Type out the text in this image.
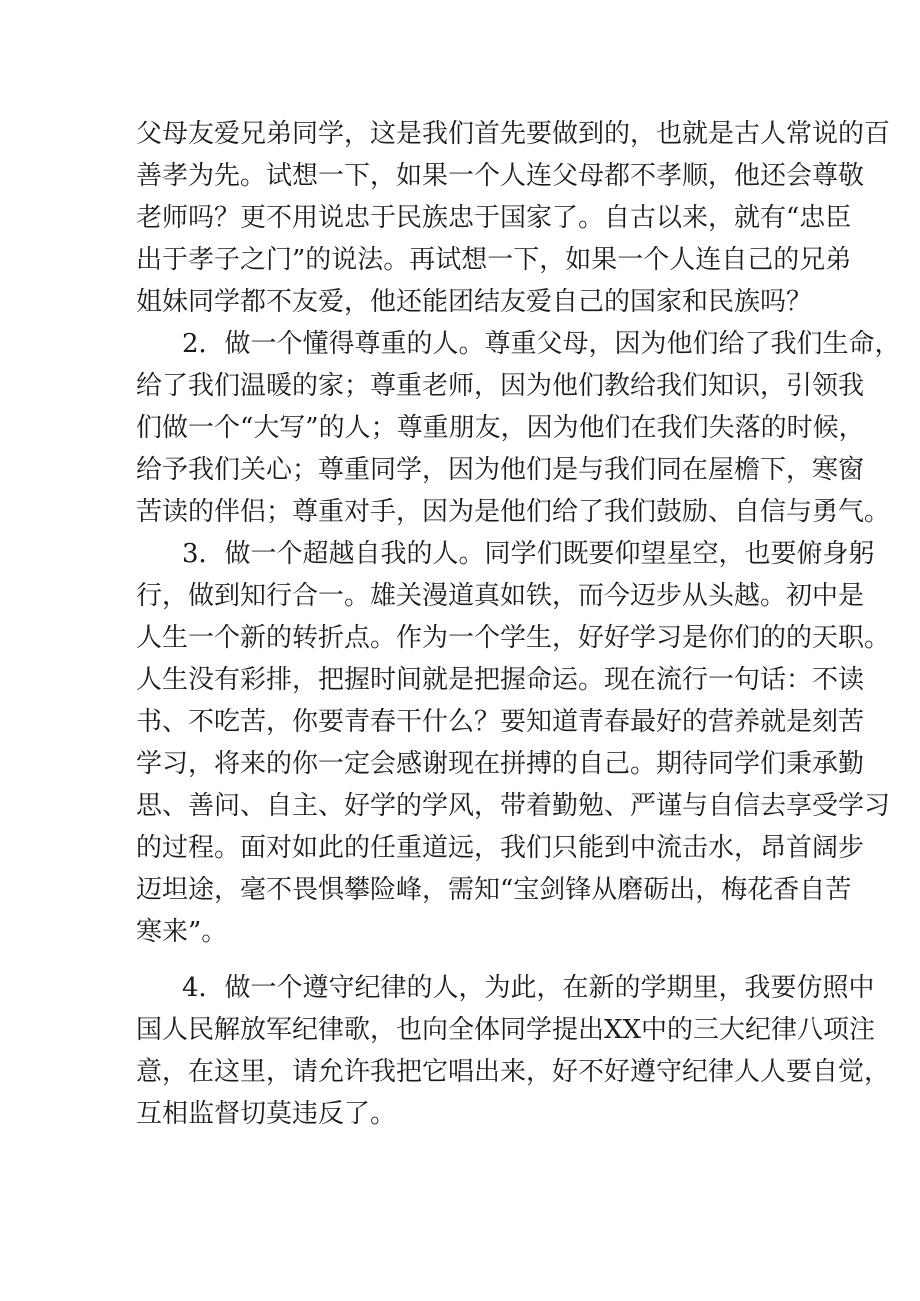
父母友爱兄弟同学，这是我们首先要做到的，也就是古人常说的百
善孝为先。试想一下，如果一个人连父母都不孝顺，他还会尊敬
老师吗？更不用说忠于民族忠于国家了。自古以来，就有“忠臣
出于孝子之门”的说法。再试想一下，如果一个人连自己的兄弟
姐妹同学都不友爱，他还能团结友爱自己的国家和民族吗？
2．做一个懂得尊重的人。尊重父母，因为他们给了我们生命，
给了我们温暖的家；尊重老师，因为他们教给我们知识，引领我
们做一个“大写”的人；尊重朋友，因为他们在我们失落的时候，
给予我们关心；尊重同学，因为他们是与我们同在屋檐下，寒窗
苦读的伴侣；尊重对手，因为是他们给了我们鼓励、自信与勇气。
3．做一个超越自我的人。同学们既要仰望星空，也要俯身躬
行，做到知行合一。雄关漫道真如铁，而今迈步从头越。初中是
人生一个新的转折点。作为一个学生，好好学习是你们的的天职。
人生没有彩排，把握时间就是把握命运。现在流行一句话：不读
书、不吃苦，你要青春干什么？要知道青春最好的营养就是刻苦
学习，将来的你一定会感谢现在拼搏的自己。期待同学们秉承勤
思、善问、自主、好学的学风，带着勤勉、严谨与自信去享受学习
的过程。面对如此的任重道远，我们只能到中流击水，昂首阔步
迈坦途，毫不畏惧攀险峰，需知“宝剑锋从磨砺出，梅花香自苦
寒来”。
4．做一个遵守纪律的人，为此，在新的学期里，我要仿照中
国人民解放军纪律歌，也向全体同学提出XX中的三大纪律八项注
意，在这里，请允许我把它唱出来，好不好遵守纪律人人要自觉，
互相监督切莫违反了。
